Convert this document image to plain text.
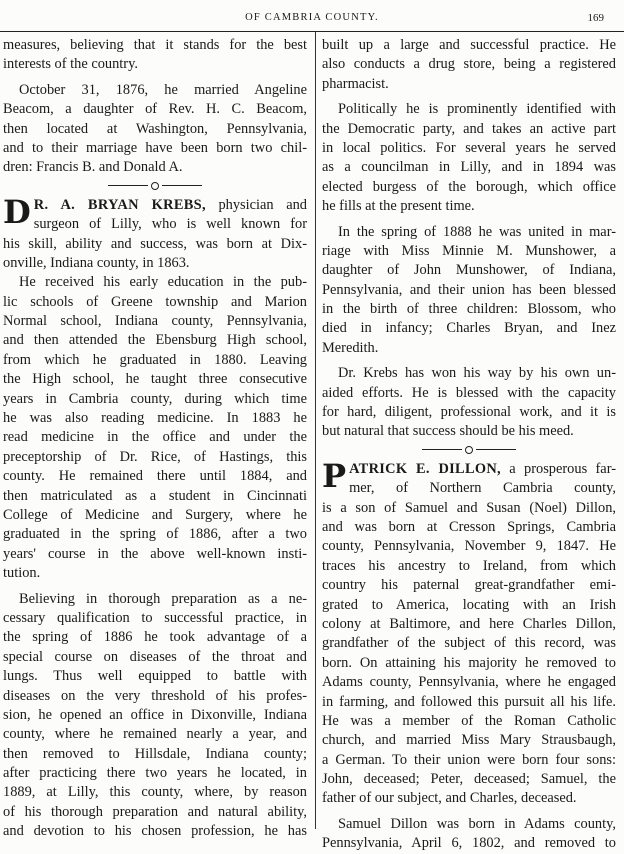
OF CAMBRIA COUNTY.	169
measures, believing that it stands for the best
interests of the country.
October 31, 1876, he married Angeline
Beacom, a daughter of Rev. H. C. Beacom,
then located at Washington, Pennsylvania,
and to their marriage have been born two chil-
dren: Francis B. and Donald A.
D R. A. BRYAN KREBS, physician and
surgeon of Lilly, who is well known for
his skill, ability and success, was born at Dix-
onville, Indiana county, in 1863.
He received his early education in the pub-
lic schools of Greene township and Marion
Normal school, Indiana county, Pennsylvania,
and then attended the Ebensburg High school,
from which he graduated in 1880. Leaving
the High school, he taught three consecutive
years in Cambria county, during which time
he was also reading medicine. In 1883 he
read medicine in the office and under the
preceptorship of Dr. Rice, of Hastings, this
county. He remained there until 1884, and
then matriculated as a student in Cincinnati
College of Medicine and Surgery, where he
graduated in the spring of 1886, after a two
years' course in the above well-known insti-
tution.
Believing in thorough preparation as a ne-
cessary qualification to successful practice, in
the spring of 1886 he took advantage of a
special course on diseases of the throat and
lungs. Thus well equipped to battle with
diseases on the very threshold of his profes-
sion, he opened an office in Dixonville, Indiana
county, where he remained nearly a year, and
then removed to Hillsdale, Indiana county;
after practicing there two years he located, in
1889, at Lilly, this county, where, by reason
of his thorough preparation and natural ability,
and devotion to his chosen profession, he has
built up a large and successful practice. He
also conducts a drug store, being a registered
pharmacist.
Politically he is prominently identified with
the Democratic party, and takes an active part
in local politics. For several years he served
as a councilman in Lilly, and in 1894 was
elected burgess of the borough, which office
he fills at the present time.
In the spring of 1888 he was united in mar-
riage with Miss Minnie M. Munshower, a
daughter of John Munshower, of Indiana,
Pennsylvania, and their union has been blessed
in the birth of three children: Blossom, who
died in infancy; Charles Bryan, and Inez
Meredith.
Dr. Krebs has won his way by his own un-
aided efforts. He is blessed with the capacity
for hard, diligent, professional work, and it is
but natural that success should be his meed.
P ATRICK E. DILLON, a prosperous far-
mer, of Northern Cambria county,
is a son of Samuel and Susan (Noel) Dillon,
and was born at Cresson Springs, Cambria
county, Pennsylvania, November 9, 1847. He
traces his ancestry to Ireland, from which
country his paternal great-grandfather emi-
grated to America, locating with an Irish
colony at Baltimore, and here Charles Dillon,
grandfather of the subject of this record, was
born. On attaining his majority he removed to
Adams county, Pennsylvania, where he engaged
in farming, and followed this pursuit all his life.
He was a member of the Roman Catholic
church, and married Miss Mary Strausbaugh,
a German. To their union were born four sons:
John, deceased; Peter, deceased; Samuel, the
father of our subject, and Charles, deceased.
Samuel Dillon was born in Adams county,
Pennsylvania, April 6, 1802, and removed to
